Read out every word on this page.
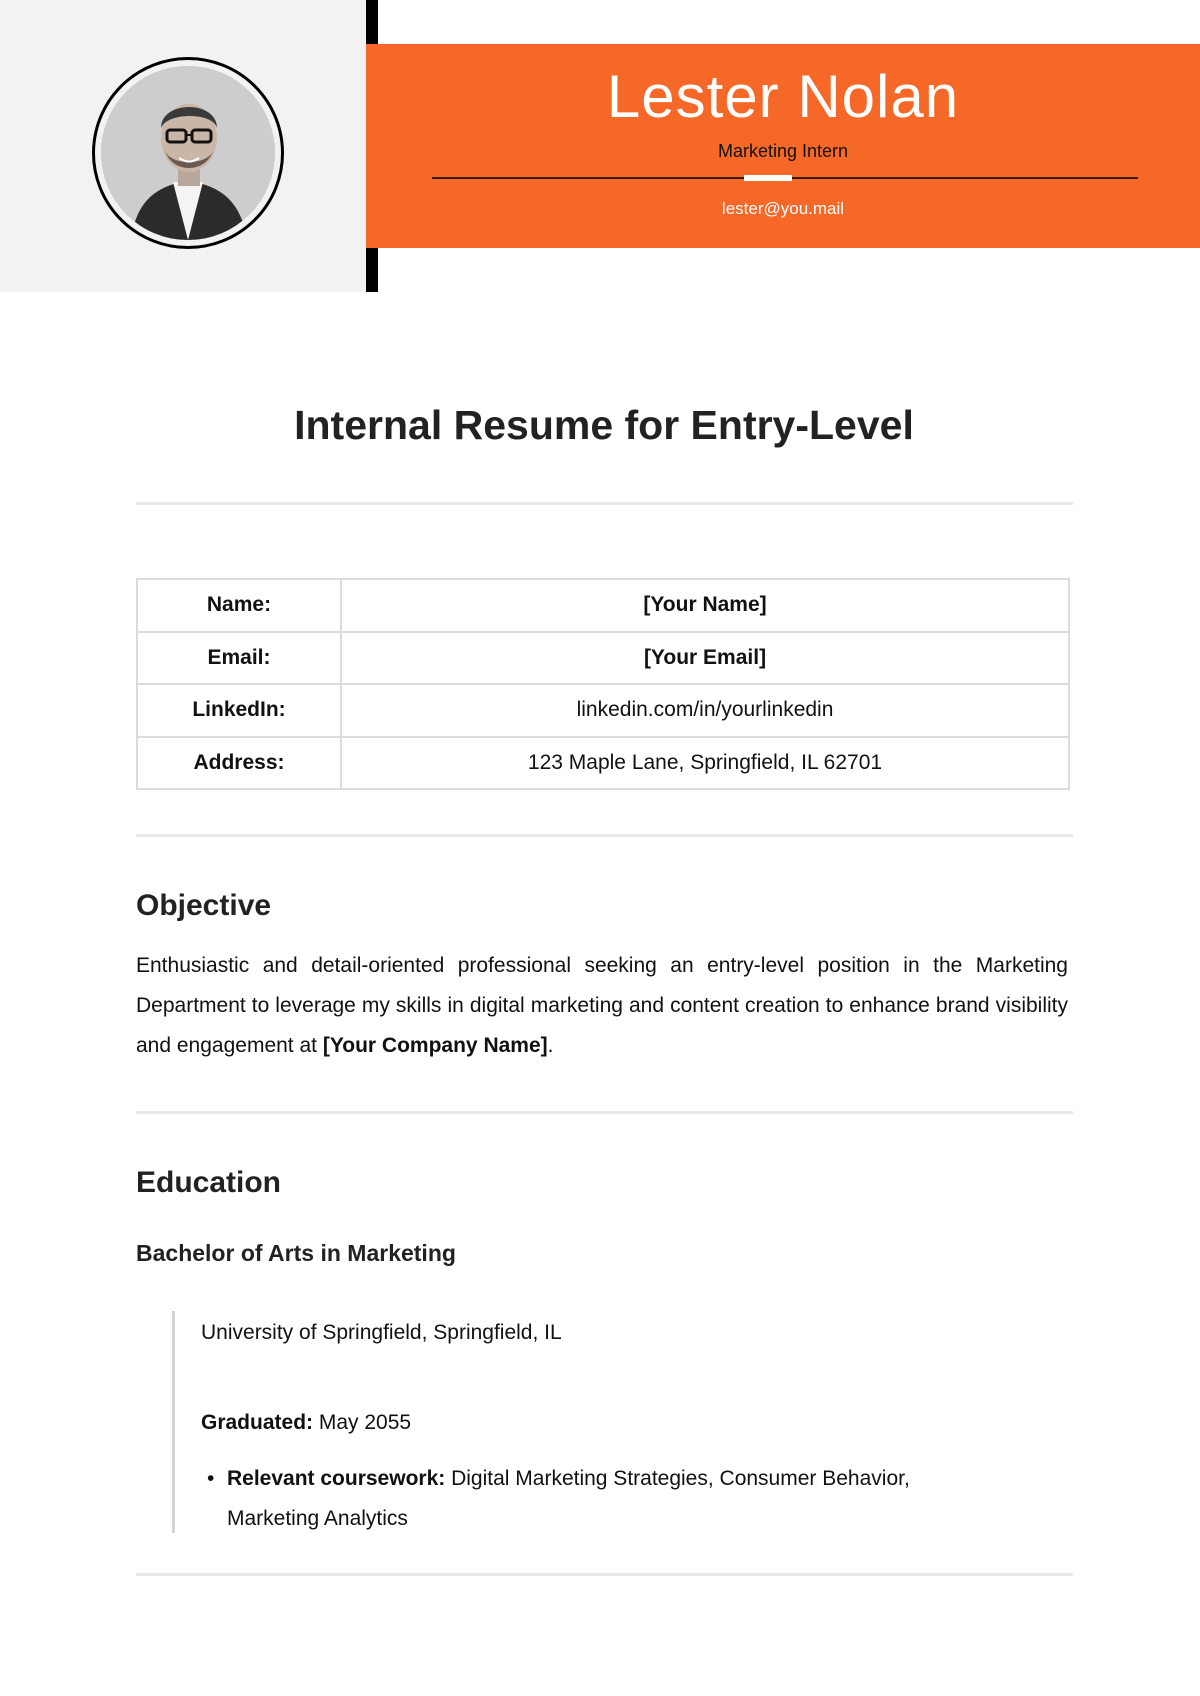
Lester Nolan
Marketing Intern
lester@you.mail
Internal Resume for Entry-Level
Name:	[Your Name]
Email:	[Your Email]
LinkedIn:	linkedin.com/in/yourlinkedin
Address:	123 Maple Lane, Springfield, IL 62701
Objective
Enthusiastic and detail-oriented professional seeking an entry-level position in the Marketing Department to leverage my skills in digital marketing and content creation to enhance brand visibility and engagement at [Your Company Name].
Education
Bachelor of Arts in Marketing
University of Springfield, Springfield, IL
Graduated: May 2055
• Relevant coursework: Digital Marketing Strategies, Consumer Behavior, Marketing Analytics
